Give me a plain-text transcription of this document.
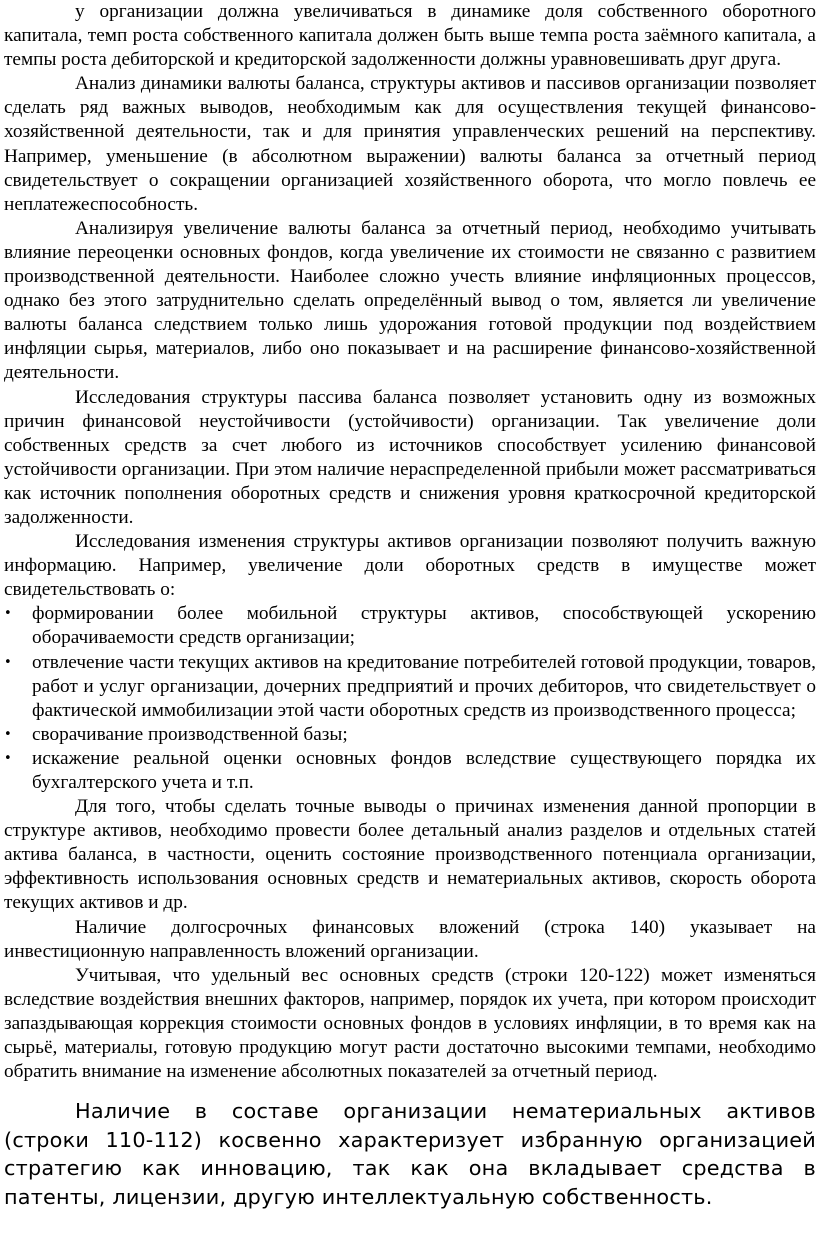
у организации должна увеличиваться в динамике доля собственного оборотного капитала, темп роста собственного капитала должен быть выше темпа роста заёмного капитала, а темпы роста дебиторской и кредиторской задолженности должны уравновешивать друг друга.

Анализ динамики валюты баланса, структуры активов и пассивов организации позволяет сделать ряд важных выводов, необходимым как для осуществления текущей финансово-хозяйственной деятельности, так и для принятия управленческих решений на перспективу. Например, уменьшение (в абсолютном выражении) валюты баланса за отчетный период свидетельствует о сокращении организацией хозяйственного оборота, что могло повлечь ее неплатежеспособность.

Анализируя увеличение валюты баланса за отчетный период, необходимо учитывать влияние переоценки основных фондов, когда увеличение их стоимости не связанно с развитием производственной деятельности. Наиболее сложно учесть влияние инфляционных процессов, однако без этого затруднительно сделать определённый вывод о том, является ли увеличение валюты баланса следствием только лишь удорожания готовой продукции под воздействием инфляции сырья, материалов, либо оно показывает и на расширение финансово-хозяйственной деятельности.

Исследования структуры пассива баланса позволяет установить одну из возможных причин финансовой неустойчивости (устойчивости) организации. Так увеличение доли собственных средств за счет любого из источников способствует усилению финансовой устойчивости организации. При этом наличие нераспределенной прибыли может рассматриваться как источник пополнения оборотных средств и снижения уровня краткосрочной кредиторской задолженности.

Исследования изменения структуры активов организации позволяют получить важную информацию. Например, увеличение доли оборотных средств в имуществе может свидетельствовать о:

• формировании более мобильной структуры активов, способствующей ускорению оборачиваемости средств организации;
• отвлечение части текущих активов на кредитование потребителей готовой продукции, товаров, работ и услуг организации, дочерних предприятий и прочих дебиторов, что свидетельствует о фактической иммобилизации этой части оборотных средств из производственного процесса;
• сворачивание производственной базы;
• искажение реальной оценки основных фондов вследствие существующего порядка их бухгалтерского учета и т.п.

Для того, чтобы сделать точные выводы о причинах изменения данной пропорции в структуре активов, необходимо провести более детальный анализ разделов и отдельных статей актива баланса, в частности, оценить состояние производственного потенциала организации, эффективность использования основных средств и нематериальных активов, скорость оборота текущих активов и др.

Наличие долгосрочных финансовых вложений (строка 140) указывает на инвестиционную направленность вложений организации.

Учитывая, что удельный вес основных средств (строки 120-122) может изменяться вследствие воздействия внешних факторов, например, порядок их учета, при котором происходит запаздывающая коррекция стоимости основных фондов в условиях инфляции, в то время как на сырьё, материалы, готовую продукцию могут расти достаточно высокими темпами, необходимо обратить внимание на изменение абсолютных показателей за отчетный период.

Наличие в составе организации нематериальных активов (строки 110-112) косвенно характеризует избранную организацией стратегию как инновацию, так как она вкладывает средства в патенты, лицензии, другую интеллектуальную собственность.
